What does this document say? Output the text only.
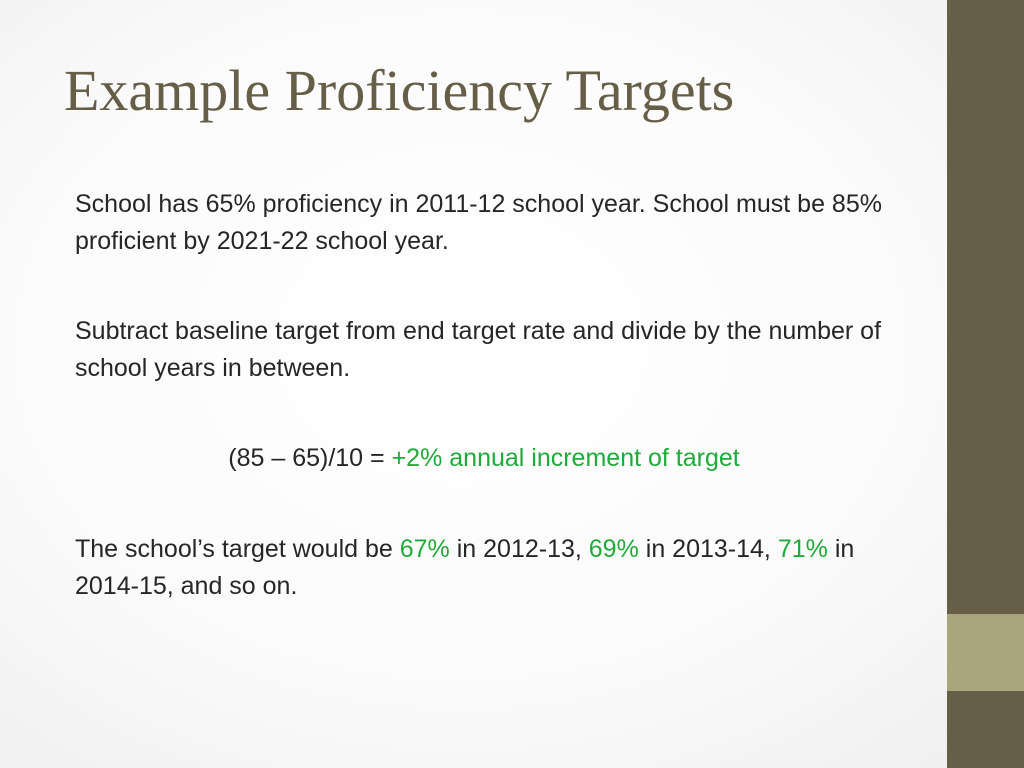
Example Proficiency Targets

School has 65% proficiency in 2011-12 school year. School must be 85% proficient by 2021-22 school year.

Subtract baseline target from end target rate and divide by the number of school years in between.

(85 – 65)/10 = +2% annual increment of target

The school’s target would be 67% in 2012-13, 69% in 2013-14, 71% in 2014-15, and so on.
